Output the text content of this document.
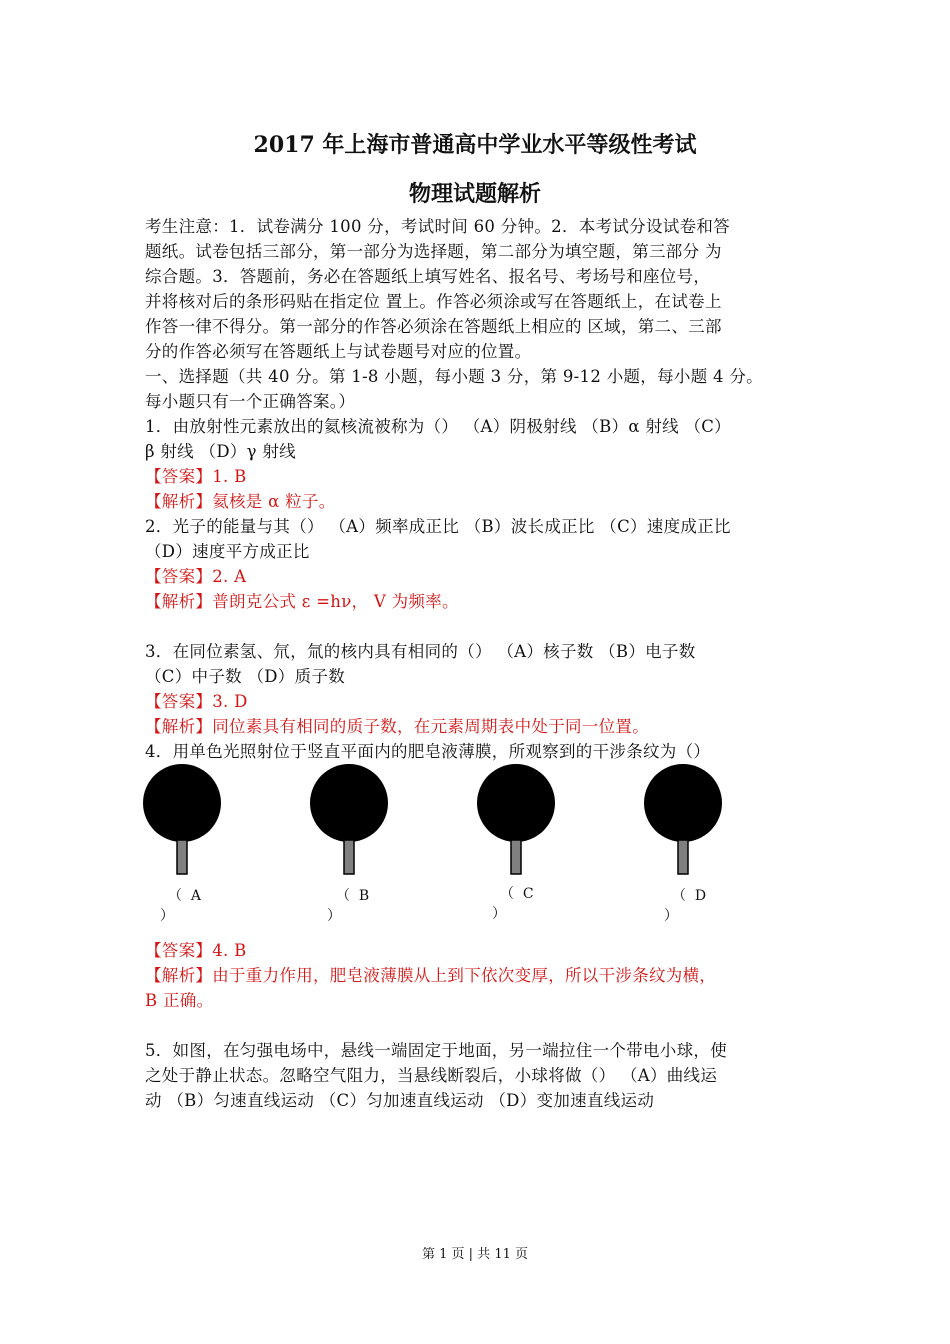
2017 年上海市普通高中学业水平等级性考试
物理试题解析
考生注意：1．试卷满分 100 分，考试时间 60 分钟。2．本考试分设试卷和答
题纸。试卷包括三部分，第一部分为选择题，第二部分为填空题，第三部分 为
综合题。3．答题前，务必在答题纸上填写姓名、报名号、考场号和座位号，
并将核对后的条形码贴在指定位 置上。作答必须涂或写在答题纸上，在试卷上
作答一律不得分。第一部分的作答必须涂在答题纸上相应的 区域，第二、三部
分的作答必须写在答题纸上与试卷题号对应的位置。
一、选择题（共 40 分。第 1-8 小题，每小题 3 分，第 9-12 小题，每小题 4 分。
每小题只有一个正确答案。）
1．由放射性元素放出的氦核流被称为（） （A）阴极射线 （B）α 射线 （C）
β 射线 （D）γ 射线
【答案】1. B
【解析】氦核是 α 粒子。
2．光子的能量与其（） （A）频率成正比 （B）波长成正比 （C）速度成正比
（D）速度平方成正比
【答案】2. A
【解析】普朗克公式 ε =hν， V 为频率。
3．在同位素氢、氘，氚的核内具有相同的（） （A）核子数 （B）电子数
（C）中子数 （D）质子数
【答案】3. D
【解析】同位素具有相同的质子数，在元素周期表中处于同一位置。
4．用单色光照射位于竖直平面内的肥皂液薄膜，所观察到的干涉条纹为（）
（ A
）
（ B
）
（ C
）
（ D
）
【答案】4. B
【解析】由于重力作用，肥皂液薄膜从上到下依次变厚，所以干涉条纹为横，
B 正确。
5．如图，在匀强电场中，悬线一端固定于地面，另一端拉住一个带电小球，使
之处于静止状态。忽略空气阻力，当悬线断裂后，小球将做（） （A）曲线运
动 （B）匀速直线运动 （C）匀加速直线运动 （D）变加速直线运动
第 1 页 | 共 11 页
